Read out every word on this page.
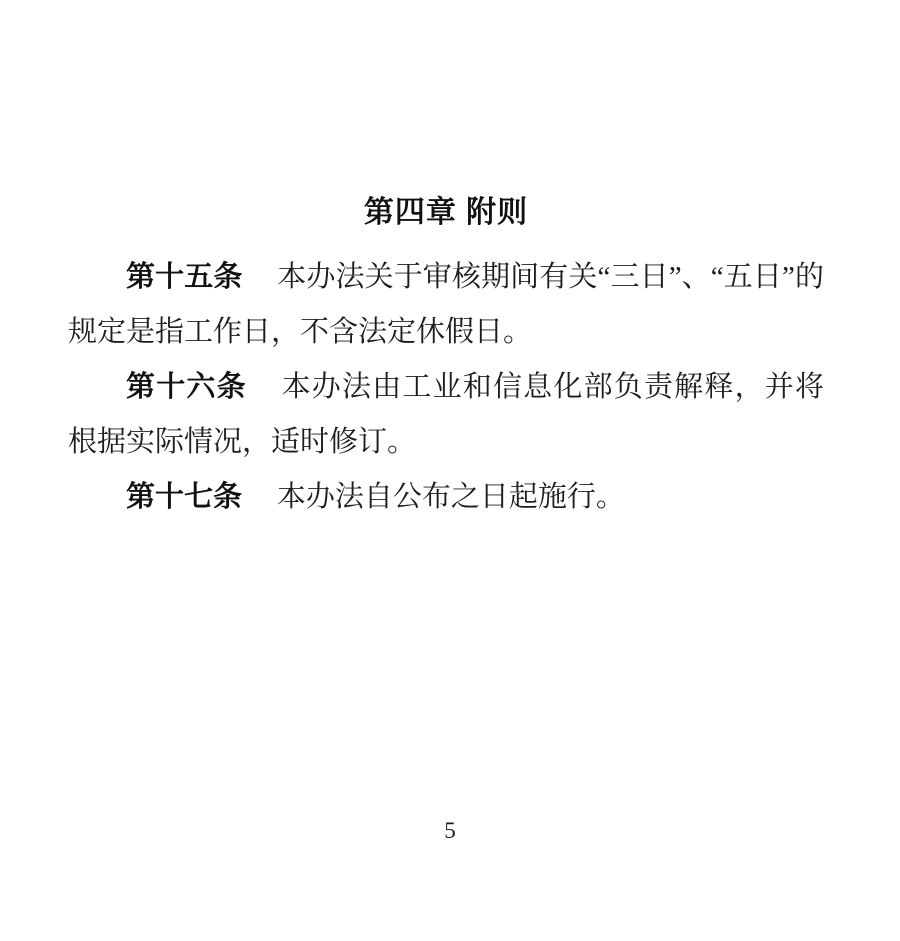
第四章 附则

第十五条 本办法关于审核期间有关“三日”、“五日”的规定是指工作日，不含法定休假日。

第十六条 本办法由工业和信息化部负责解释，并将根据实际情况，适时修订。

第十七条 本办法自公布之日起施行。

5
